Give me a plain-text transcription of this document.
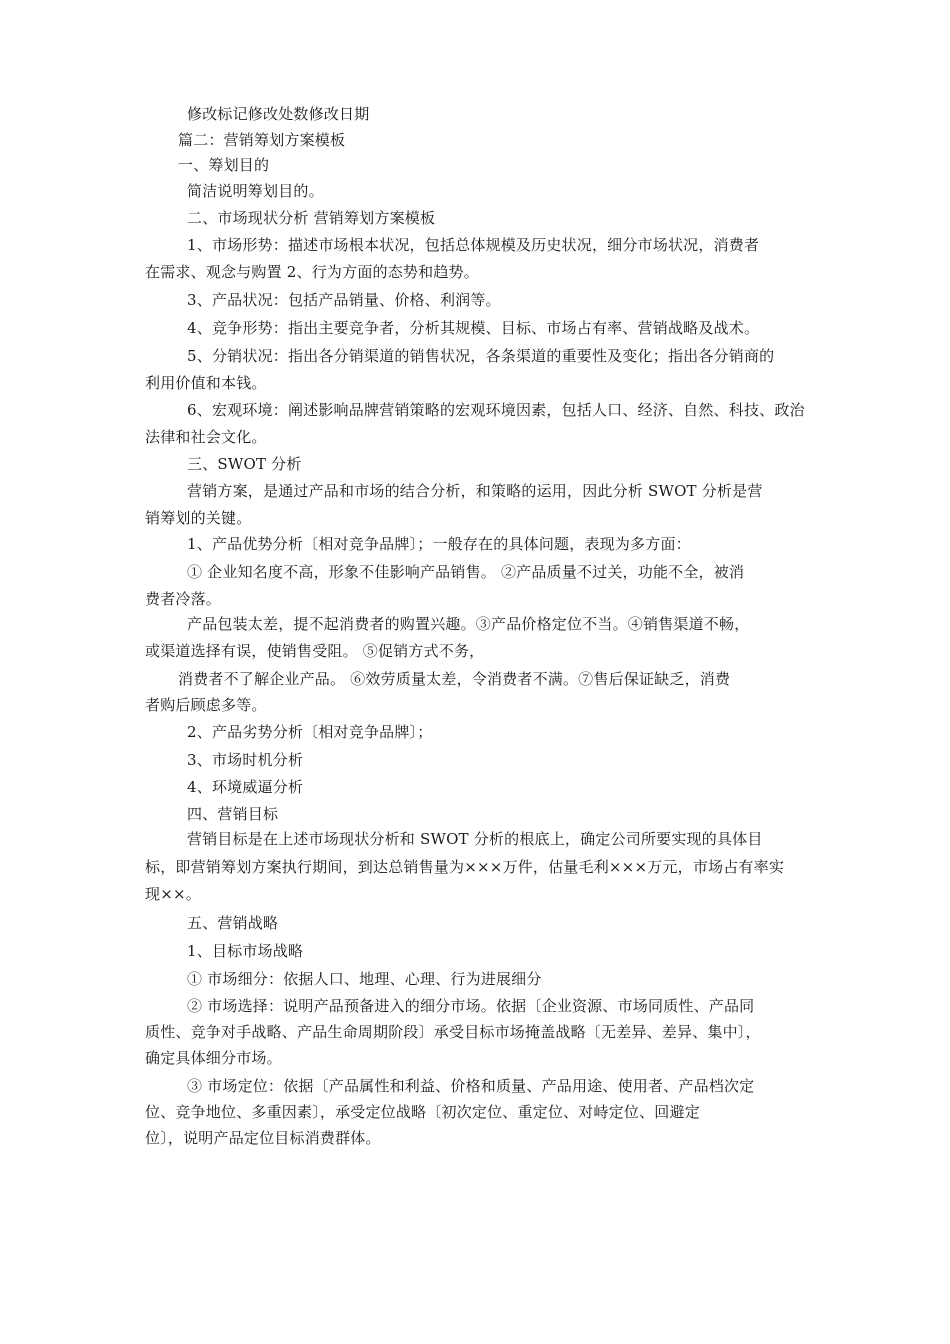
修改标记修改处数修改日期
篇二：营销筹划方案模板
一、筹划目的
简洁说明筹划目的。
二、市场现状分析 营销筹划方案模板
1、市场形势：描述市场根本状况，包括总体规模及历史状况，细分市场状况，消费者
在需求、观念与购置 2、行为方面的态势和趋势。
3、产品状况：包括产品销量、价格、利润等。
4、竞争形势：指出主要竞争者，分析其规模、目标、市场占有率、营销战略及战术。
5、分销状况：指出各分销渠道的销售状况，各条渠道的重要性及变化；指出各分销商的
利用价值和本钱。
6、宏观环境：阐述影响品牌营销策略的宏观环境因素，包括人口、经济、自然、科技、政治
法律和社会文化。
三、SWOT 分析
营销方案，是通过产品和市场的结合分析，和策略的运用，因此分析 SWOT 分析是营
销筹划的关键。
1、产品优势分析〔相对竞争品牌〕；一般存在的具体问题，表现为多方面：
① 企业知名度不高，形象不佳影响产品销售。 ②产品质量不过关，功能不全，被消
费者冷落。
产品包装太差，提不起消费者的购置兴趣。③产品价格定位不当。④销售渠道不畅，
或渠道选择有误，使销售受阻。 ⑤促销方式不务，
消费者不了解企业产品。 ⑥效劳质量太差，令消费者不满。⑦售后保证缺乏，消费
者购后顾虑多等。
2、产品劣势分析〔相对竞争品牌〕；
3、市场时机分析
4、环境威逼分析
四、营销目标
营销目标是在上述市场现状分析和 SWOT 分析的根底上，确定公司所要实现的具体目
标，即营销筹划方案执行期间，到达总销售量为×××万件，估量毛利×××万元，市场占有率实
现××。
五、营销战略
1、目标市场战略
① 市场细分：依据人口、地理、心理、行为进展细分
② 市场选择：说明产品预备进入的细分市场。依据〔企业资源、市场同质性、产品同
质性、竞争对手战略、产品生命周期阶段〕承受目标市场掩盖战略〔无差异、差异、集中〕，
确定具体细分市场。
③ 市场定位：依据〔产品属性和利益、价格和质量、产品用途、使用者、产品档次定
位、竞争地位、多重因素〕，承受定位战略〔初次定位、重定位、对峙定位、回避定
位〕，说明产品定位目标消费群体。
